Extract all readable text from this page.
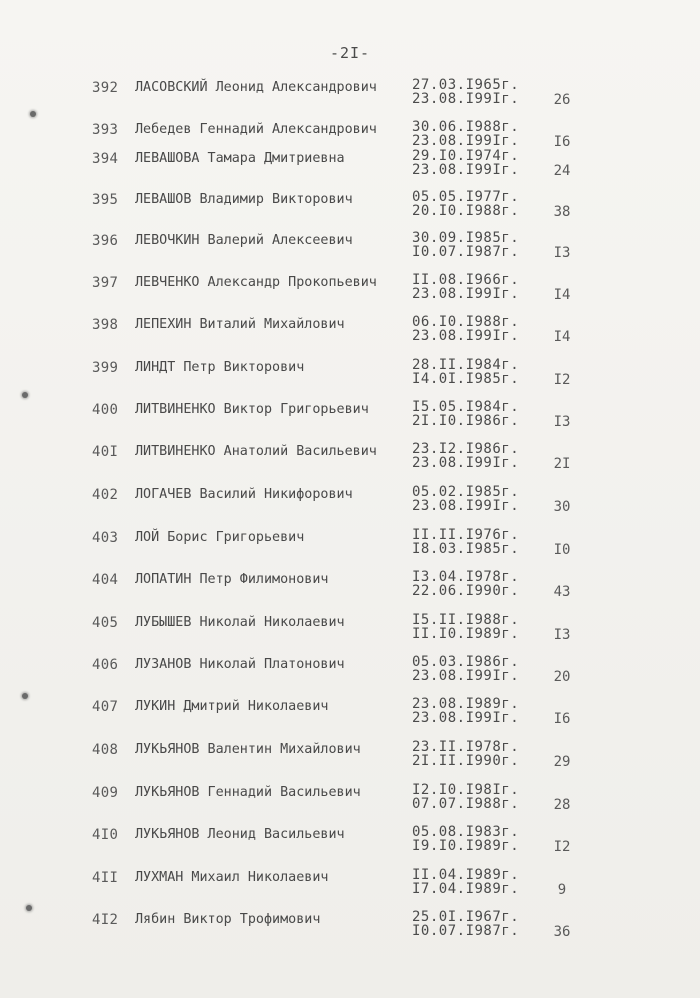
-2I-
392	ЛАСОВСКИЙ Леонид Александрович	27.03.I965г.
23.08.I99Iг.	26
393	Лебедев Геннадий Александрович	30.06.I988г.
23.08.I99Iг.	I6
394	ЛЕВАШОВА Тамара Дмитриевна	29.I0.I974г.
23.08.I99Iг.	24
395	ЛЕВАШОВ Владимир Викторович	05.05.I977г.
20.I0.I988г.	38
396	ЛЕВОЧКИН Валерий Алексеевич	30.09.I985г.
I0.07.I987г.	I3
397	ЛЕВЧЕНКО Александр Прокопьевич	II.08.I966г.
23.08.I99Iг.	I4
398	ЛЕПЕХИН Виталий Михайлович	06.I0.I988г.
23.08.I99Iг.	I4
399	ЛИНДТ Петр Викторович	28.II.I984г.
I4.0I.I985г.	I2
400	ЛИТВИНЕНКО Виктор Григорьевич	I5.05.I984г.
2I.I0.I986г.	I3
40I	ЛИТВИНЕНКО Анатолий Васильевич	23.I2.I986г.
23.08.I99Iг.	2I
402	ЛОГАЧЕВ Василий Никифорович	05.02.I985г.
23.08.I99Iг.	30
403	ЛОЙ Борис Григорьевич	II.II.I976г.
I8.03.I985г.	I0
404	ЛОПАТИН Петр Филимонович	I3.04.I978г.
22.06.I990г.	43
405	ЛУБЫШЕВ Николай Николаевич	I5.II.I988г.
II.I0.I989г.	I3
406	ЛУЗАНОВ Николай Платонович	05.03.I986г.
23.08.I99Iг.	20
407	ЛУКИН Дмитрий Николаевич	23.08.I989г.
23.08.I99Iг.	I6
408	ЛУКЬЯНОВ Валентин Михайлович	23.II.I978г.
2I.II.I990г.	29
409	ЛУКЬЯНОВ Геннадий Васильевич	I2.I0.I98Iг.
07.07.I988г.	28
4I0	ЛУКЬЯНОВ Леонид Васильевич	05.08.I983г.
I9.I0.I989г.	I2
4II	ЛУХМАН Михаил Николаевич	II.04.I989г.
I7.04.I989г.	9
4I2	Лябин Виктор Трофимович	25.0I.I967г.
I0.07.I987г.	36
